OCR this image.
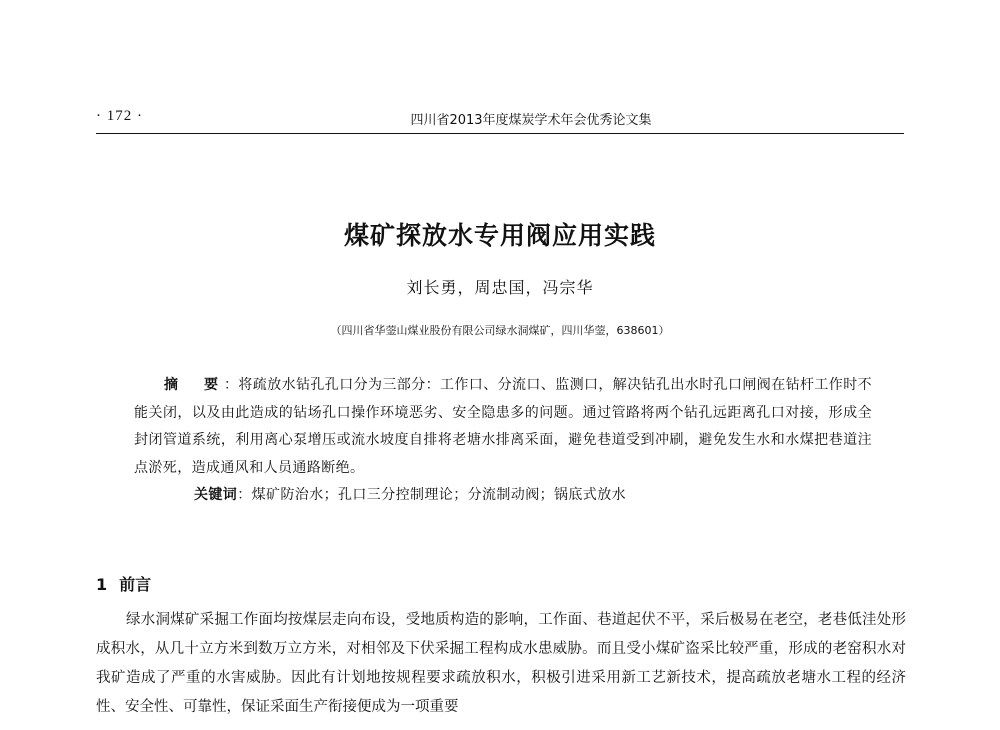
· 172 ·	四川省2013年度煤炭学术年会优秀论文集
煤矿探放水专用阀应用实践
刘长勇，周忠国，冯宗华
（四川省华蓥山煤业股份有限公司绿水洞煤矿，四川华蓥，638601）

摘　要：将疏放水钻孔孔口分为三部分：工作口、分流口、监测口，解决钻孔出水时孔口闸阀在钻杆工作时不能关闭，以及由此造成的钻场孔口操作环境恶劣、安全隐患多的问题。通过管路将两个钻孔远距离孔口对接，形成全封闭管道系统，利用离心泵增压或流水坡度自排将老塘水排离采面，避免巷道受到冲刷，避免发生水和水煤把巷道注点淤死，造成通风和人员通路断绝。

关键词：煤矿防治水；孔口三分控制理论；分流制动阀；锅底式放水

1 前言

绿水洞煤矿采掘工作面均按煤层走向布设，受地质构造的影响，工作面、巷道起伏不平，采后极易在老空，老巷低洼处形成积水，从几十立方米到数万立方米，对相邻及下伏采掘工程构成水患威胁。而且受小煤矿盗采比较严重，形成的老窑积水对我矿造成了严重的水害威胁。因此有计划地按规程要求疏放积水，积极引进采用新工艺新技术，提高疏放老塘水工程的经济性、安全性、可靠性，保证采面生产衔接便成为一项重要
